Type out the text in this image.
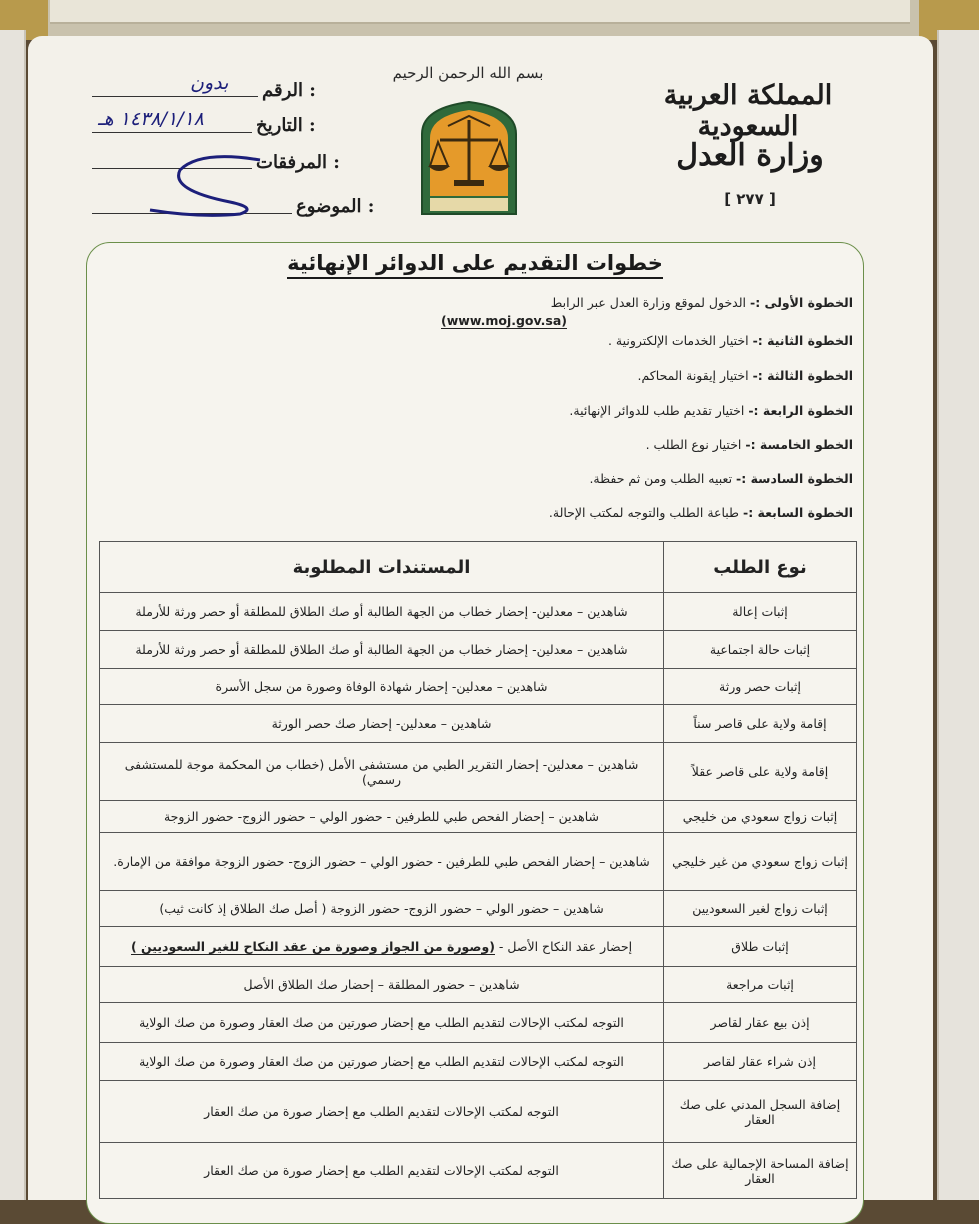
بسم الله الرحمن الرحيم
المملكة العربية السعودية
وزارة العدل
[ ٢٧٧ ]
الرقم :
بدون
التاريخ :
١٤٣٨/١/١٨ هـ
المرفقات :
الموضوع :
خطوات التقديم على الدوائر الإنهائية
الخطوة الأولى :- الدخول لموقع وزارة العدل عبر الرابط
(www.moj.gov.sa)
الخطوة الثانية :- اختيار الخدمات الإلكترونية .
الخطوة الثالثة :- اختيار إيقونة المحاكم.
الخطوة الرابعة :- اختيار تقديم طلب للدوائر الإنهائية.
الخطو الخامسة :- اختيار نوع الطلب .
الخطوة السادسة :- تعبيه الطلب ومن ثم حفظة.
الخطوة السابعة :- طباعة الطلب والتوجه لمكتب الإحالة.
نوع الطلب	المستندات المطلوبة
إثبات إعالة	شاهدين – معدلين- إحضار خطاب من الجهة الطالبة أو صك الطلاق للمطلقة أو حصر ورثة للأرملة
إثبات حالة اجتماعية	شاهدين – معدلين- إحضار خطاب من الجهة الطالبة أو صك الطلاق للمطلقة أو حصر ورثة للأرملة
إثبات حصر ورثة	شاهدين – معدلين- إحضار شهادة الوفاة وصورة من سجل الأسرة
إقامة ولاية على قاصر سناً	شاهدين – معدلين- إحضار صك حصر الورثة
إقامة ولاية على قاصر عقلاً	شاهدين – معدلين- إحضار التقرير الطبي من مستشفى الأمل (خطاب من المحكمة موجة للمستشفى رسمي)
إثبات زواج سعودي من خليجي	شاهدين – إحضار الفحص طبي للطرفين - حضور الولي – حضور الزوج- حضور الزوجة
إثبات زواج سعودي من غير خليجي	شاهدين – إحضار الفحص طبي للطرفين - حضور الولي – حضور الزوج- حضور الزوجة موافقة من الإمارة.
إثبات زواج لغير السعوديين	شاهدين – حضور الولي – حضور الزوج- حضور الزوجة ( أصل صك الطلاق إذ كانت ثيب)
إثبات طلاق	إحضار عقد النكاح الأصل - (وصورة من الجواز وصورة من عقد النكاح للغير السعوديين )
إثبات مراجعة	شاهدين – حضور المطلقة – إحضار صك الطلاق الأصل
إذن بيع عقار لقاصر	التوجه لمكتب الإحالات لتقديم الطلب مع إحضار صورتين من صك العقار وصورة من صك الولاية
إذن شراء عقار لقاصر	التوجه لمكتب الإحالات لتقديم الطلب مع إحضار صورتين من صك العقار وصورة من صك الولاية
إضافة السجل المدني على صك العقار	التوجه لمكتب الإحالات لتقديم الطلب مع إحضار صورة من صك العقار
إضافة المساحة الإجمالية على صك العقار	التوجه لمكتب الإحالات لتقديم الطلب مع إحضار صورة من صك العقار
